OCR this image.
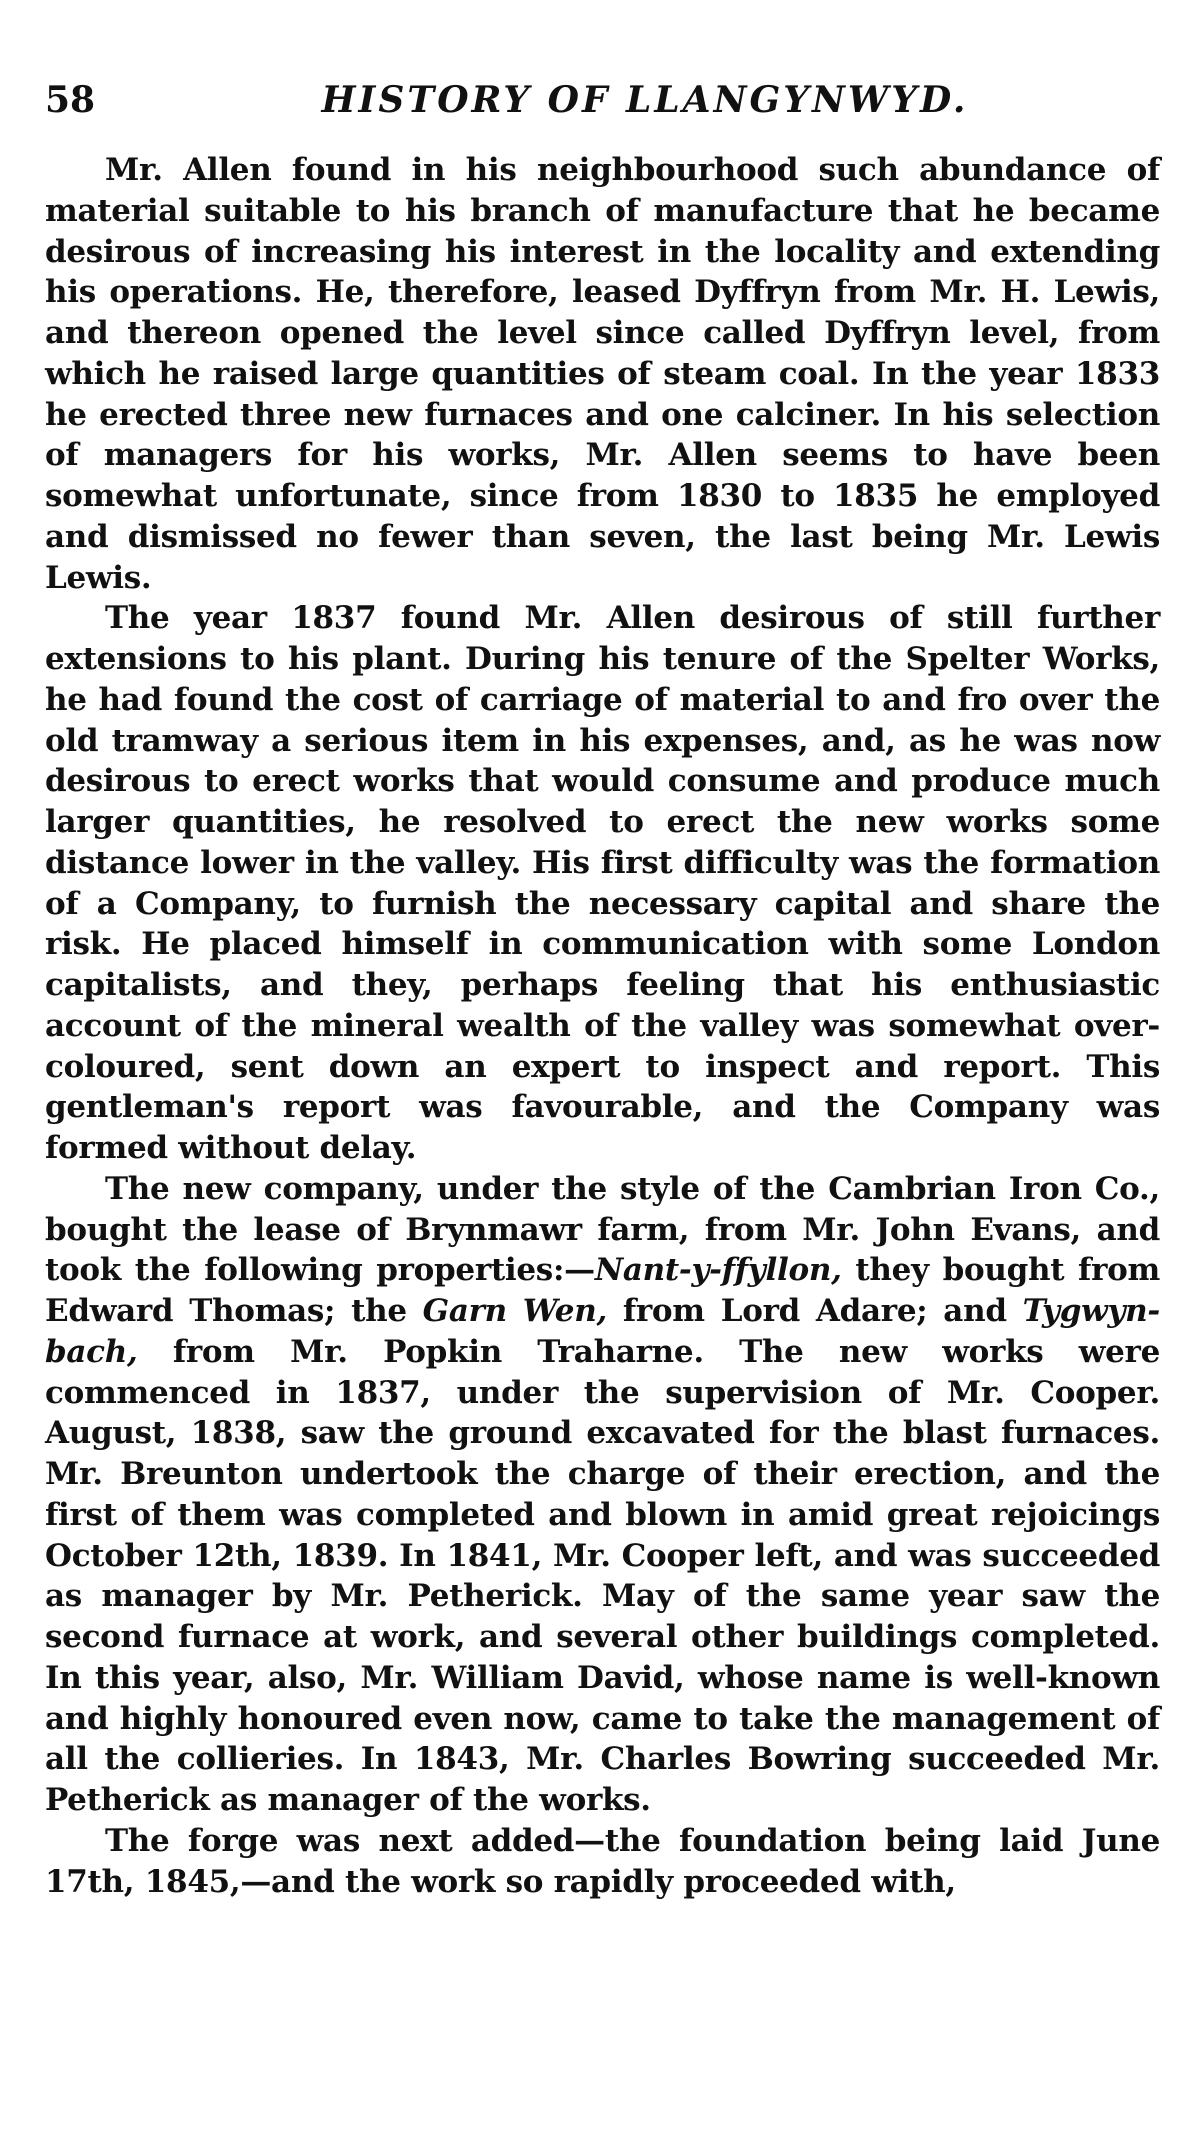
58	HISTORY OF LLANGYNWYD.

Mr. Allen found in his neighbourhood such abundance of material suitable to his branch of manufacture that he became desirous of increasing his interest in the locality and extending his operations. He, therefore, leased Dyffryn from Mr. H. Lewis, and thereon opened the level since called Dyffryn level, from which he raised large quantities of steam coal. In the year 1833 he erected three new furnaces and one calciner. In his selection of managers for his works, Mr. Allen seems to have been somewhat unfortunate, since from 1830 to 1835 he employed and dismissed no fewer than seven, the last being Mr. Lewis Lewis.

The year 1837 found Mr. Allen desirous of still further extensions to his plant. During his tenure of the Spelter Works, he had found the cost of carriage of material to and fro over the old tramway a serious item in his expenses, and, as he was now desirous to erect works that would consume and produce much larger quantities, he resolved to erect the new works some distance lower in the valley. His first difficulty was the formation of a Company, to furnish the necessary capital and share the risk. He placed himself in communication with some London capitalists, and they, perhaps feeling that his enthusiastic account of the mineral wealth of the valley was somewhat over-coloured, sent down an expert to inspect and report. This gentleman's report was favourable, and the Company was formed without delay.

The new company, under the style of the Cambrian Iron Co., bought the lease of Brynmawr farm, from Mr. John Evans, and took the following properties:—Nant-y-ffyllon, they bought from Edward Thomas; the Garn Wen, from Lord Adare; and Tygwyn-bach, from Mr. Popkin Traharne. The new works were commenced in 1837, under the supervision of Mr. Cooper. August, 1838, saw the ground excavated for the blast furnaces. Mr. Breunton undertook the charge of their erection, and the first of them was completed and blown in amid great rejoicings October 12th, 1839. In 1841, Mr. Cooper left, and was succeeded as manager by Mr. Petherick. May of the same year saw the second furnace at work, and several other buildings completed. In this year, also, Mr. William David, whose name is well-known and highly honoured even now, came to take the management of all the collieries. In 1843, Mr. Charles Bowring succeeded Mr. Petherick as manager of the works.

The forge was next added—the foundation being laid June 17th, 1845,—and the work so rapidly proceeded with,
